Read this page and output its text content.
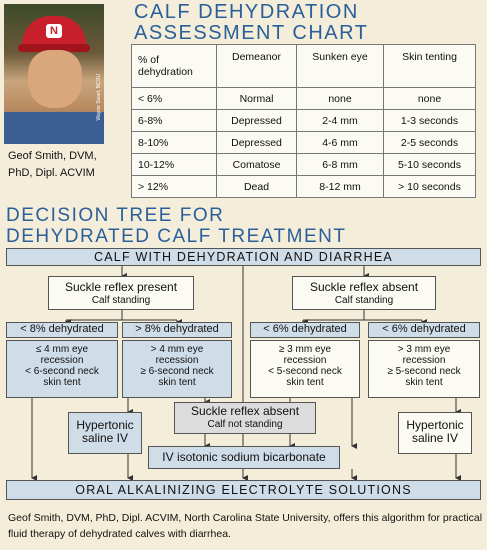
N
Wayne Swart, NCSU
Geof Smith, DVM,
PhD, Dipl. ACVIM
CALF DEHYDRATION
ASSESSMENT CHART
% of dehydration	Demeanor	Sunken eye	Skin tenting
< 6%	Normal	none	none
6-8%	Depressed	2-4 mm	1-3 seconds
8-10%	Depressed	4-6 mm	2-5 seconds
10-12%	Comatose	6-8 mm	5-10 seconds
> 12%	Dead	8-12 mm	> 10 seconds
DECISION TREE FOR
DEHYDRATED CALF TREATMENT
CALF WITH DEHYDRATION AND DIARRHEA
Suckle reflex present
Calf standing
Suckle reflex absent
Calf standing
< 8% dehydrated	> 8% dehydrated	< 6% dehydrated	< 6% dehydrated
≤ 4 mm eye
recession
< 6-second neck
skin tent
> 4 mm eye
recession
≥ 6-second neck
skin tent
≥ 3 mm eye
recession
< 5-second neck
skin tent
> 3 mm eye
recession
≥ 5-second neck
skin tent
Hypertonic
saline IV
Suckle reflex absent
Calf not standing
IV isotonic sodium bicarbonate
Hypertonic
saline IV
ORAL ALKALINIZING ELECTROLYTE SOLUTIONS
Geof Smith, DVM, PhD, Dipl. ACVIM, North Carolina State University, offers this algorithm for practical fluid therapy of dehydrated calves with diarrhea.
